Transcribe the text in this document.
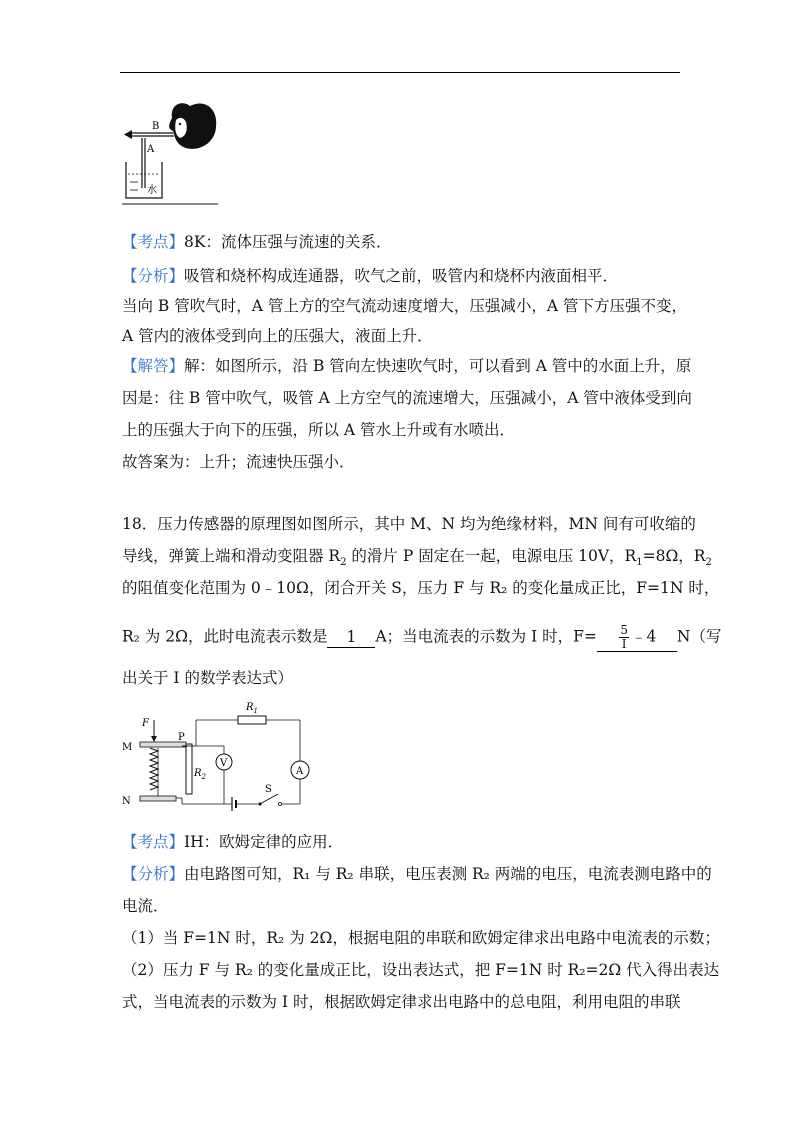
B
A
水
【考点】8K：流体压强与流速的关系．
【分析】吸管和烧杯构成连通器，吹气之前，吸管内和烧杯内液面相平．
当向 B 管吹气时，A 管上方的空气流动速度增大，压强减小，A 管下方压强不变，
A 管内的液体受到向上的压强大，液面上升．
【解答】解：如图所示，沿 B 管向左快速吹气时，可以看到 A 管中的水面上升，原
因是：往 B 管中吹气，吸管 A 上方空气的流速增大，压强减小，A 管中液体受到向
上的压强大于向下的压强，所以 A 管水上升或有水喷出．
故答案为：上升；流速快压强小．
18．压力传感器的原理图如图所示，其中 M、N 均为绝缘材料，MN 间有可收缩的
导线，弹簧上端和滑动变阻器 $R_2$ 的滑片 P 固定在一起，电源电压 10V，$R_1=8\Omega$，$R_2$
的阻值变化范围为 0﹣10Ω，闭合开关 S，压力 F 与 R₂ 的变化量成正比，F=1N 时，
R₂ 为 2Ω，此时电流表示数是 1 A；当电流表的示数为 I 时，$F= \frac{5}{I}$ ﹣4 N（写
出关于 I 的数学表达式）
M
N
F
P
$R_2$
$R_1$
A
V
S
【考点】IH：欧姆定律的应用．
【分析】由电路图可知，R₁ 与 R₂ 串联，电压表测 R₂ 两端的电压，电流表测电路中的
电流．
（1）当 F=1N 时，R₂ 为 2Ω，根据电阻的串联和欧姆定律求出电路中电流表的示数；
（2）压力 F 与 R₂ 的变化量成正比，设出表达式，把 F=1N 时 R₂=2Ω 代入得出表达
式，当电流表的示数为 I 时，根据欧姆定律求出电路中的总电阻，利用电阻的串联
